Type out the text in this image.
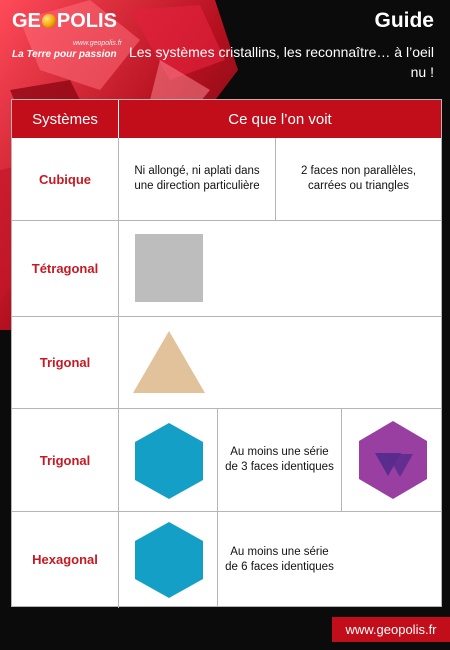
GE POLIS
www.geopolis.fr
La Terre pour passion
Guide
Les systèmes cristallins, les reconnaître… à l’oeil nu !
Systèmes	Ce que l’on voit
Cubique
Ni allongé, ni aplati dans une direction particulière
2 faces non parallèles, carrées ou triangles
Tétragonal
Trigonal
Trigonal
Au moins une série de 3 faces identiques
Hexagonal
Au moins une série de 6 faces identiques
www.geopolis.fr
